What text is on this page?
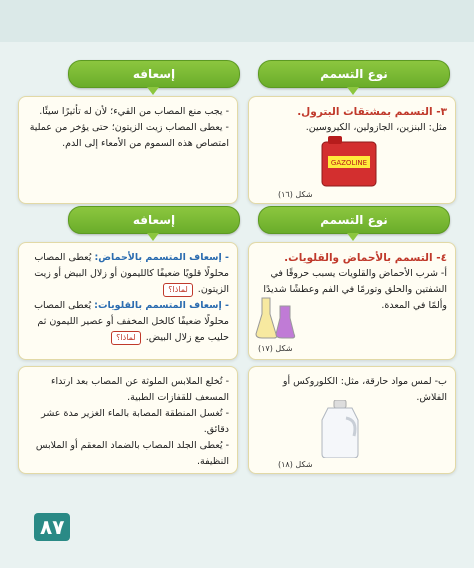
إسعافه	نوع التسمم

٣- التسمم بمشتقات البترول.

مثل: البنزين، الجازولين، الكيروسين.

GAZOLINE
شكل (١٦)

- يجب منع المصاب من القيء؛ لأن له تأثيرًا سيئًا.

- يعطى المصاب زيت الزيتون؛ حتى يؤخر من عملية امتصاص هذه السموم من الأمعاء إلى الدم.

إسعافه	نوع التسمم

٤- التسمم بالأحماض والقلويات.

أ- شرب الأحماض والقلويات يسبب حروقًا في الشفتين والحلق وتورمًا في الفم وعطشًا شديدًا وألمًا في المعدة.

شكل (١٧)

- إسعاف المتسمم بالأحماض: يُعطى المصاب محلولًا قلويًا ضعيفًا كالليمون أو زلال البيض أو زيت الزيتون. لماذا؟

- إسعاف المتسمم بالقلويات: يُعطى المصاب محلولًا ضعيفًا كالخل المخفف أو عصير الليمون ثم حليب مع زلال البيض. لماذا؟

ب- لمس مواد حارقة، مثل: الكلوروكس أو الفلاش.

شكل (١٨)

- تُخلع الملابس الملوثة عن المصاب بعد ارتداء المسعف للقفازات الطبية.

- تُغسل المنطقة المصابة بالماء الغزير مدة عشر دقائق.

- يُعطى الجلد المصاب بالضماد المعقم أو الملابس النظيفة.

٨٧
